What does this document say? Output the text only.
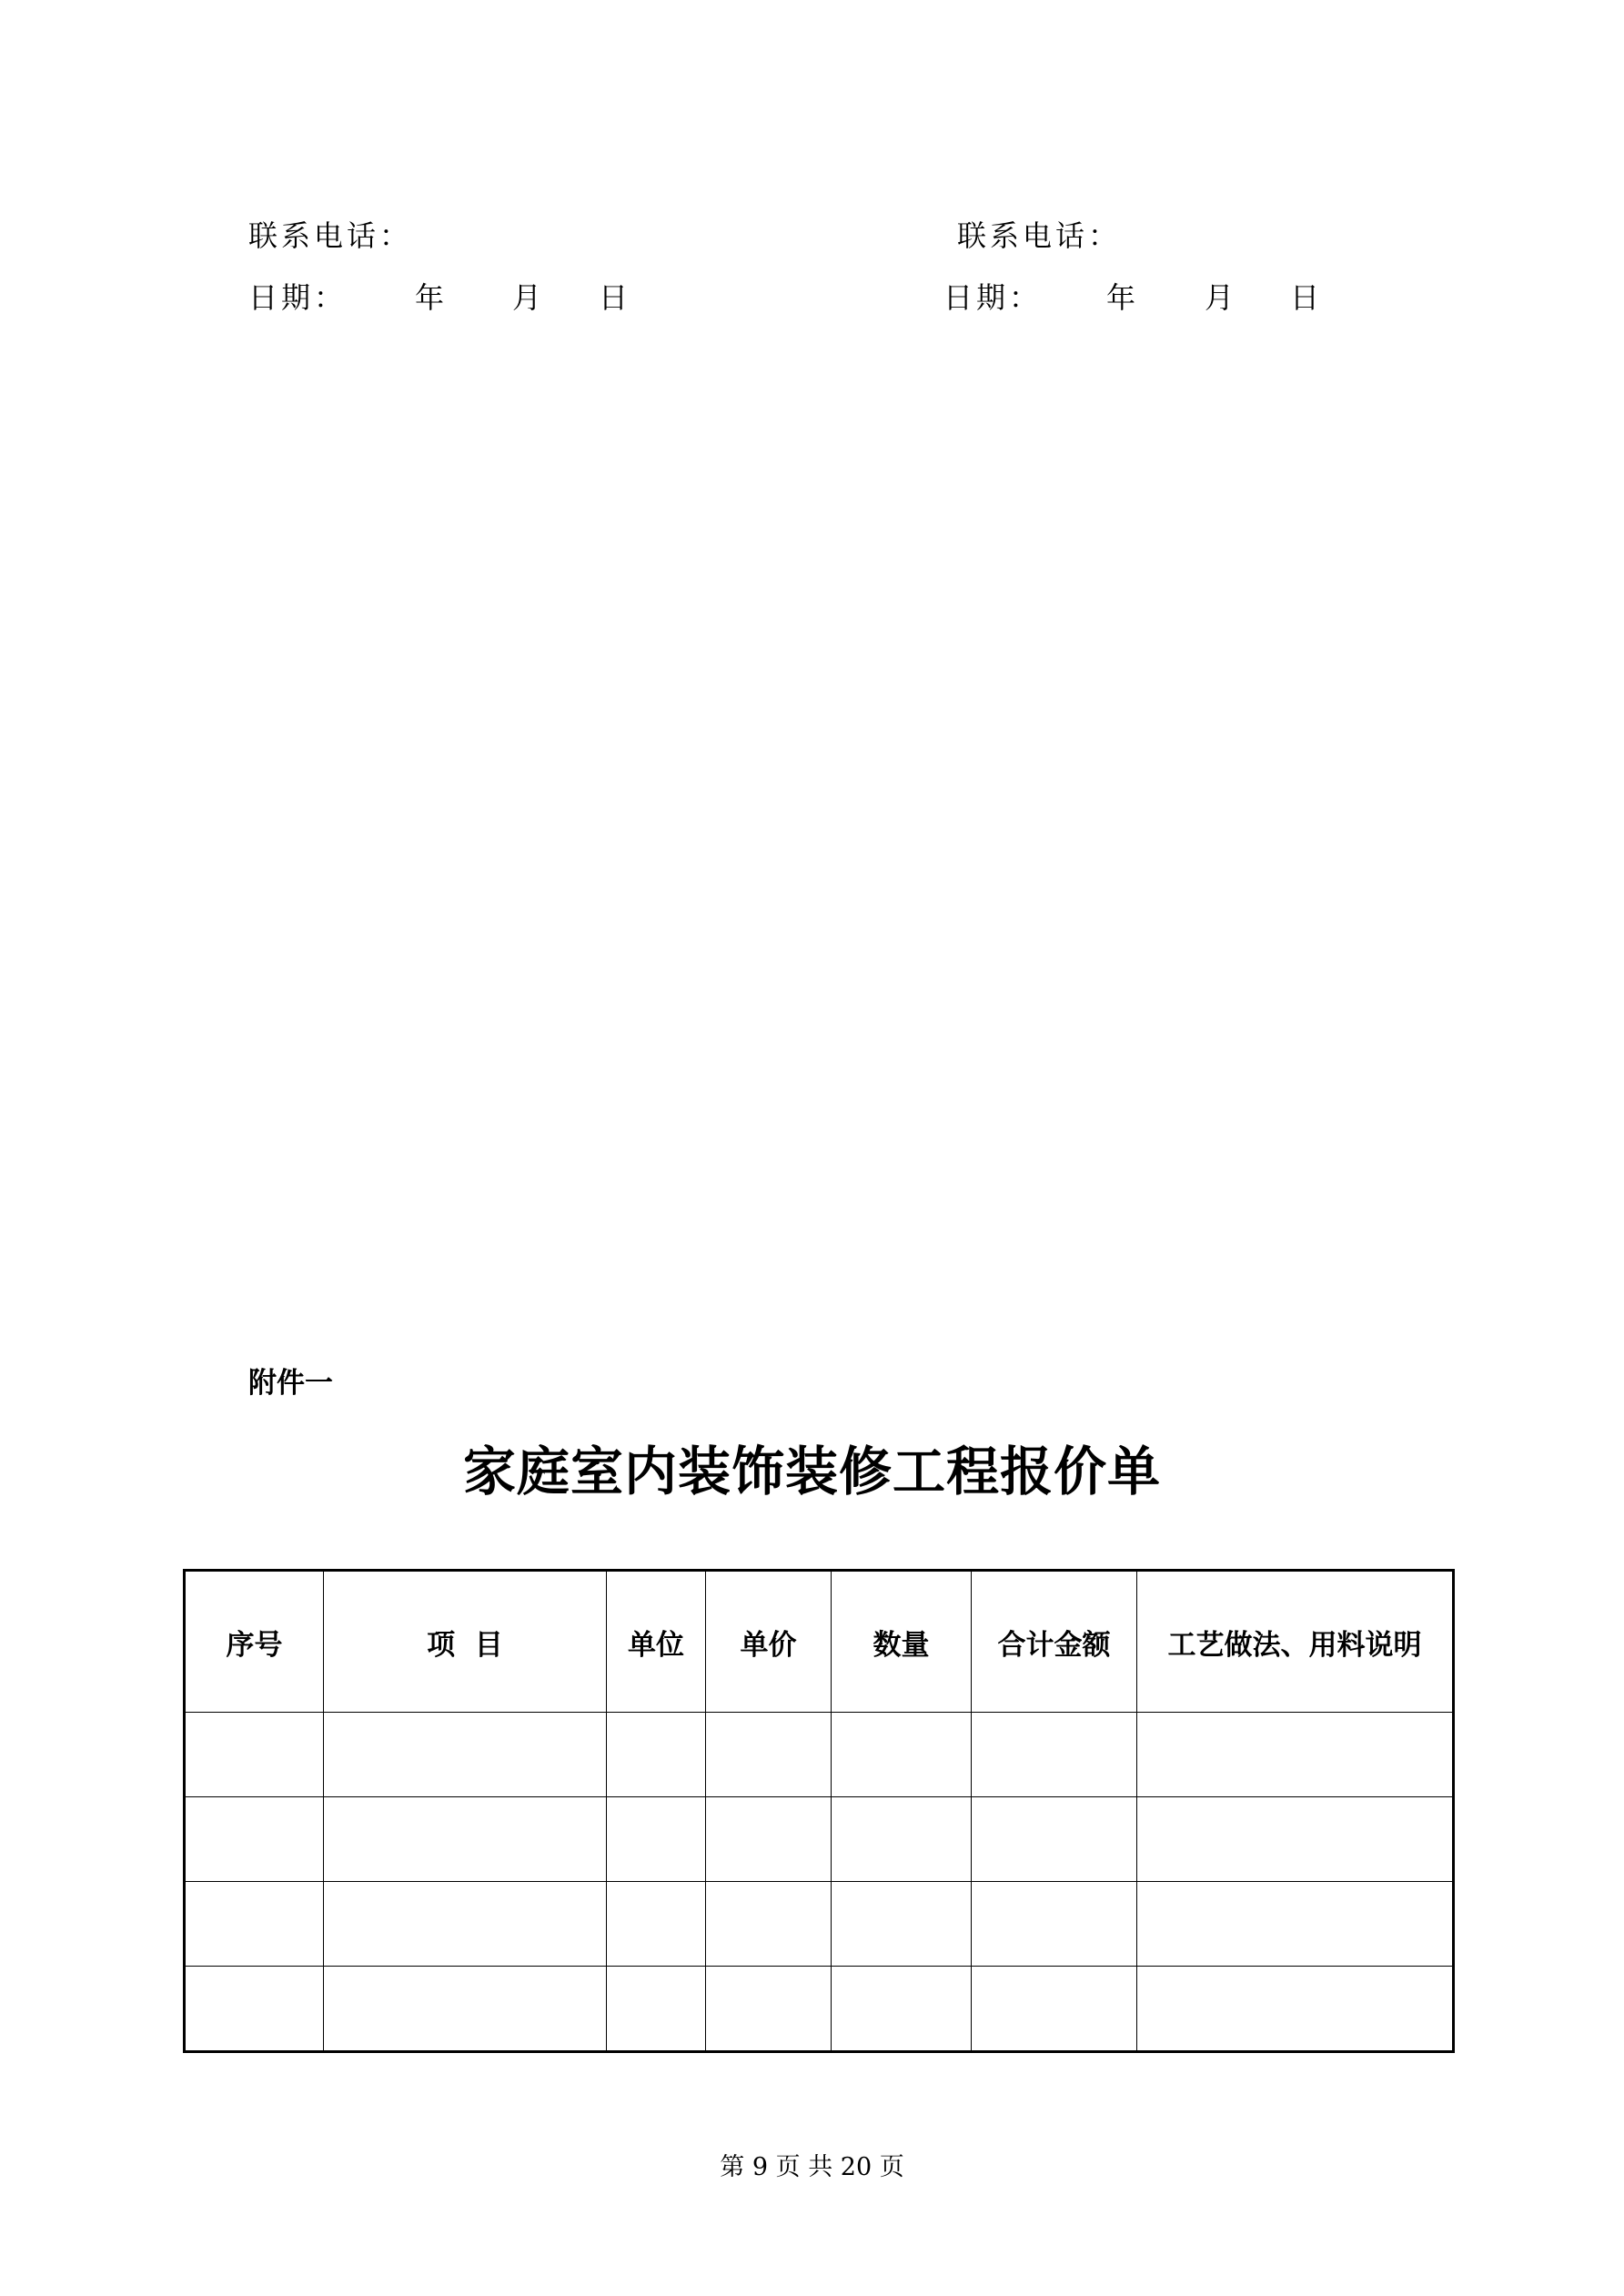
联系电话：
日期： 年 月 日
联系电话：
日期： 年 月 日
附件一
家庭室内装饰装修工程报价单
序号	项  目	单位	单价	数量	合计金额	工艺做法、用料说明

第 9 页 共 20 页
